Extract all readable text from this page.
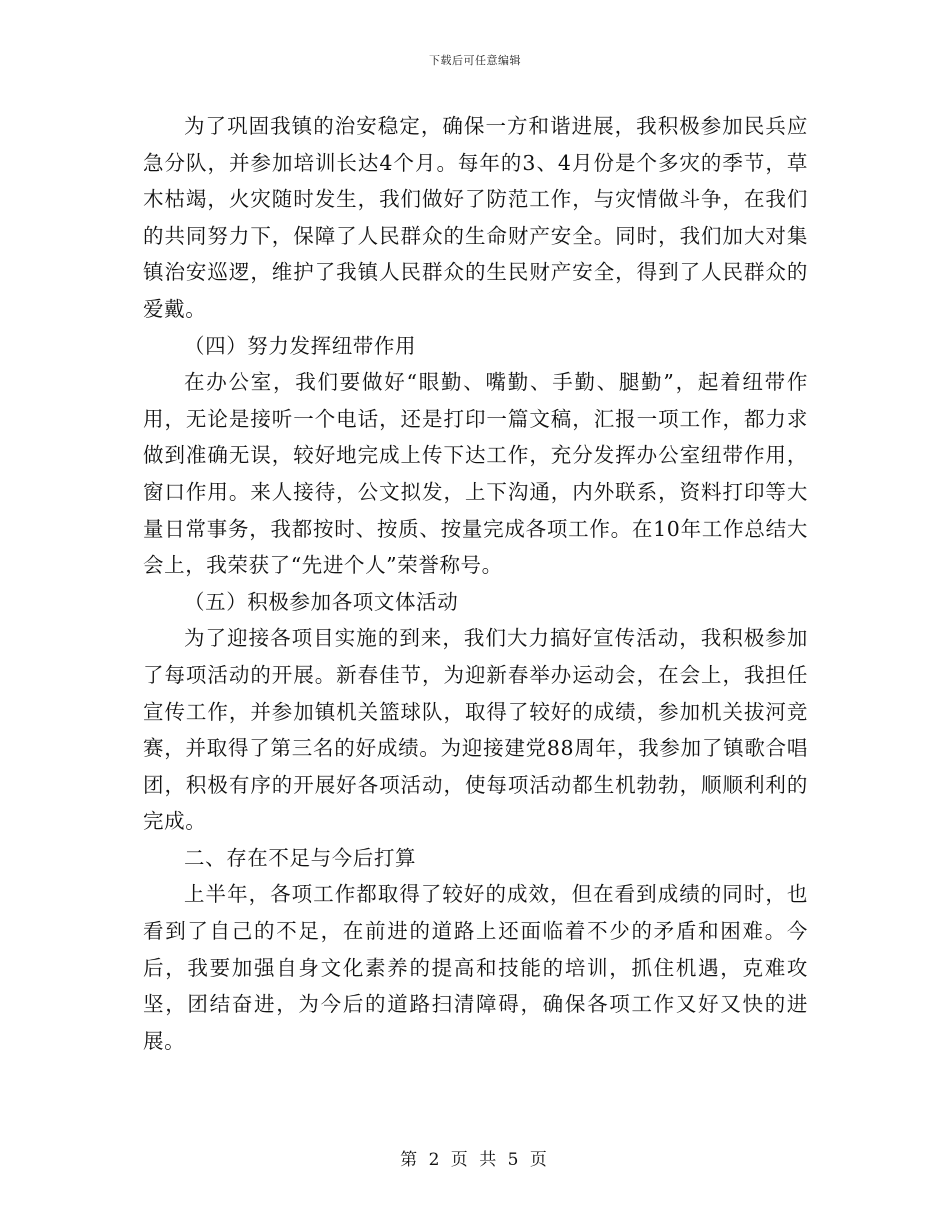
下载后可任意编辑

为了巩固我镇的治安稳定，确保一方和谐进展，我积极参加民兵应急分队，并参加培训长达4个月。每年的3、4月份是个多灾的季节，草木枯竭，火灾随时发生，我们做好了防范工作，与灾情做斗争，在我们的共同努力下，保障了人民群众的生命财产安全。同时，我们加大对集镇治安巡逻，维护了我镇人民群众的生民财产安全，得到了人民群众的爱戴。

（四）努力发挥纽带作用

在办公室，我们要做好“眼勤、嘴勤、手勤、腿勤”，起着纽带作用，无论是接听一个电话，还是打印一篇文稿，汇报一项工作，都力求做到准确无误，较好地完成上传下达工作，充分发挥办公室纽带作用，窗口作用。来人接待，公文拟发，上下沟通，内外联系，资料打印等大量日常事务，我都按时、按质、按量完成各项工作。在10年工作总结大会上，我荣获了“先进个人”荣誉称号。

（五）积极参加各项文体活动

为了迎接各项目实施的到来，我们大力搞好宣传活动，我积极参加了每项活动的开展。新春佳节，为迎新春举办运动会，在会上，我担任宣传工作，并参加镇机关篮球队，取得了较好的成绩，参加机关拔河竞赛，并取得了第三名的好成绩。为迎接建党88周年，我参加了镇歌合唱团，积极有序的开展好各项活动，使每项活动都生机勃勃，顺顺利利的完成。

二、存在不足与今后打算

上半年，各项工作都取得了较好的成效，但在看到成绩的同时，也看到了自己的不足，在前进的道路上还面临着不少的矛盾和困难。今后，我要加强自身文化素养的提高和技能的培训，抓住机遇，克难攻坚，团结奋进，为今后的道路扫清障碍，确保各项工作又好又快的进展。

第 2 页 共 5 页
